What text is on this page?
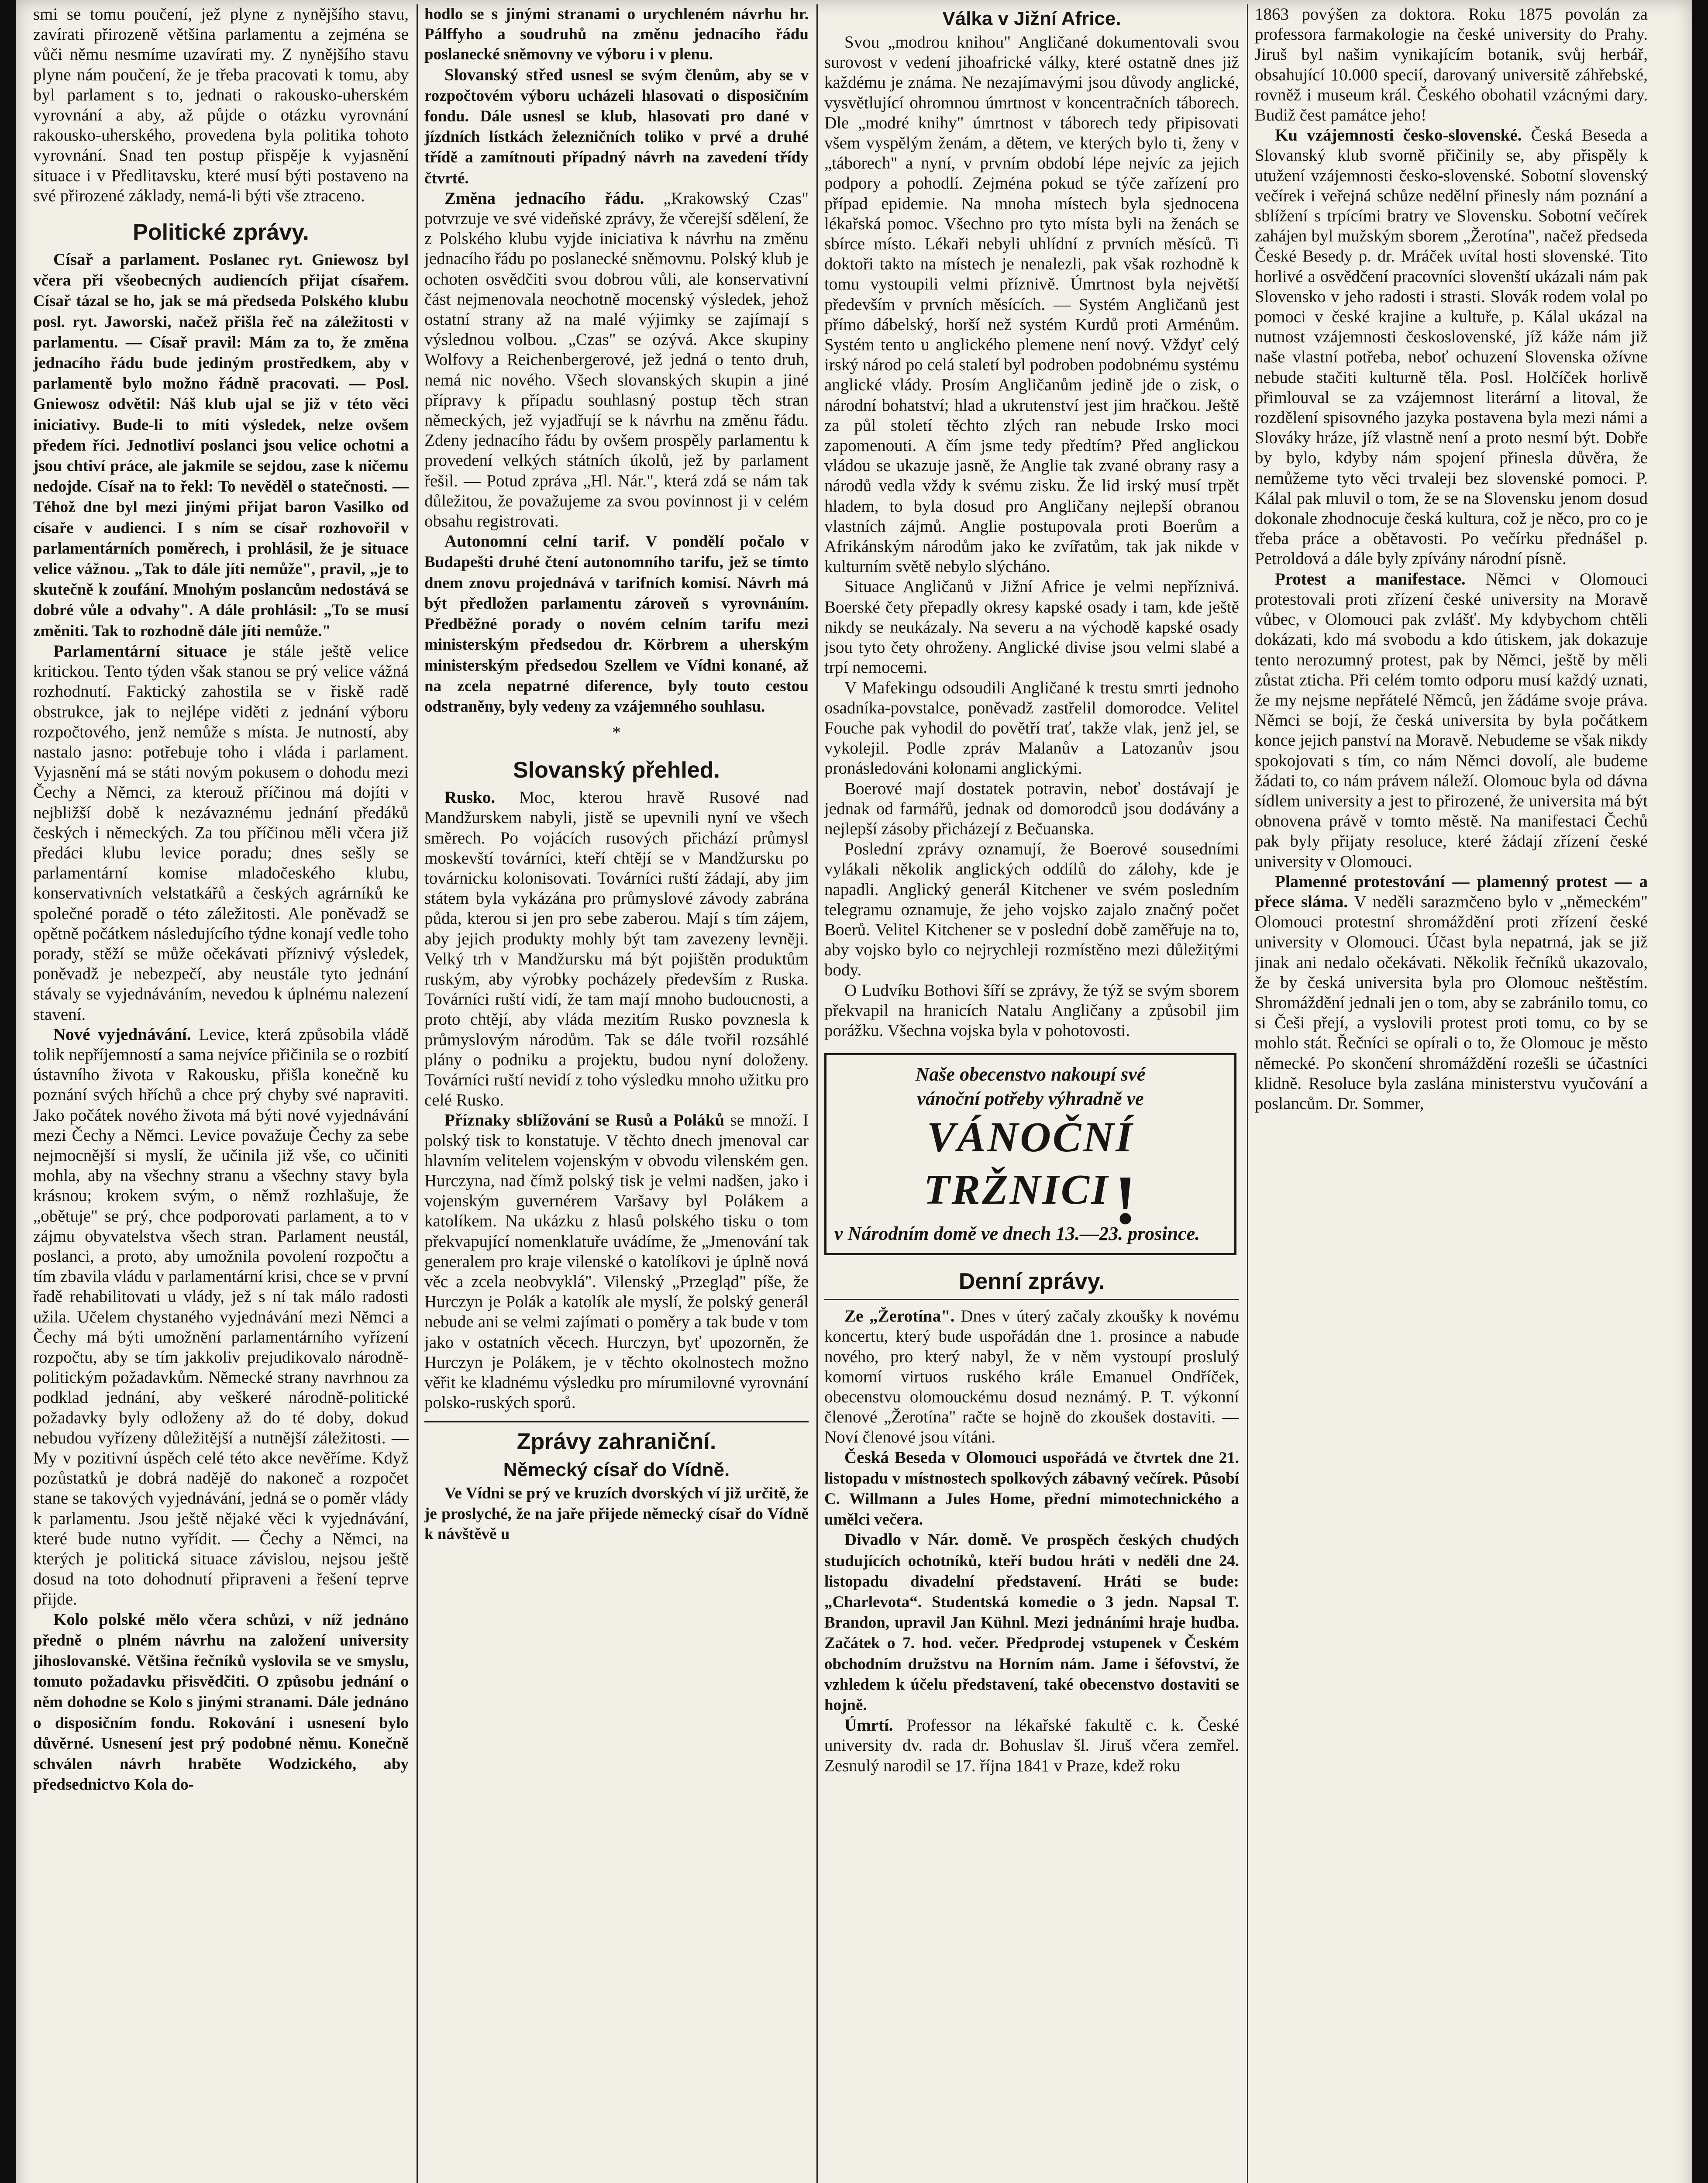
smi se tomu poučení, jež plyne z nynějšího stavu, zavírati přirozeně většina parlamentu a zejména se vůči němu nesmíme uzavírati my. Z nynějšího stavu plyne nám poučení, že je třeba pracovati k tomu, aby byl parlament s to, jednati o rakousko-uherském vyrovnání a aby, až půjde o otázku vyrovnání rakousko-uherského, provedena byla politika tohoto vyrovnání. Snad ten postup přispěje k vyjasnění situace i v Předlitavsku, které musí býti postaveno na své přirozené základy, nemá-li býti vše ztraceno.

Politické zprávy.

Císař a parlament. Poslanec ryt. Gniewosz byl včera při všeobecných audiencích přijat císařem. Císař tázal se ho, jak se má předseda Polského klubu posl. ryt. Jaworski, načež přišla řeč na záležitosti v parlamentu. — Císař pravil: Mám za to, že změna jednacího řádu bude jediným prostředkem, aby v parlamentě bylo možno řádně pracovati. — Posl. Gniewosz odvětil: Náš klub ujal se již v této věci iniciativy. Bude-li to míti výsledek, nelze ovšem předem říci. Jednotliví poslanci jsou velice ochotni a jsou chtiví práce, ale jakmile se sejdou, zase k ničemu nedojde. Císař na to řekl: To nevěděl o statečnosti. — Téhož dne byl mezi jinými přijat baron Vasilko od císaře v audienci. I s ním se císař rozhovořil v parlamentárních poměrech, i prohlásil, že je situace velice vážnou. „Tak to dále jíti nemůže", pravil, „je to skutečně k zoufání. Mnohým poslancům nedostává se dobré vůle a odvahy". A dále prohlásil: „To se musí změniti. Tak to rozhodně dále jíti nemůže."

Parlamentární situace je stále ještě velice kritickou. Tento týden však stanou se prý velice vážná rozhodnutí. Faktický zahostila se v řiskě radě obstrukce, jak to nejlépe viděti z jednání výboru rozpočtového, jenž nemůže s místa. Je nutností, aby nastalo jasno: potřebuje toho i vláda i parlament. Vyjasnění má se státi novým pokusem o dohodu mezi Čechy a Němci, za kterouž příčinou má dojíti v nejbližší době k nezávaznému jednání předáků českých i německých. Za tou příčinou měli včera již předáci klubu levice poradu; dnes sešly se parlamentární komise mladočeského klubu, konservativních velstatkářů a českých agrárníků ke společné poradě o této záležitosti. Ale poněvadž se opětně počátkem následujícího týdne konají vedle toho porady, stěží se může očekávati příznivý výsledek, poněvadž je nebezpečí, aby neustále tyto jednání stávaly se vyjednáváním, nevedou k úplnému nalezení stavení.

Nové vyjednávání. Levice, která způsobila vládě tolik nepříjemností a sama nejvíce přičinila se o rozbití ústavního života v Rakousku, přišla konečně ku poznání svých hříchů a chce prý chyby své napraviti. Jako počátek nového života má býti nové vyjednávání mezi Čechy a Němci. Levice považuje Čechy za sebe nejmocnější si myslí, že učinila již vše, co učiniti mohla, aby na všechny stranu a všechny stavy byla krásnou; krokem svým, o němž rozhlašuje, že „obětuje" se prý, chce podporovati parlament, a to v zájmu obyvatelstva všech stran. Parlament neustál, poslanci, a proto, aby umožnila povolení rozpočtu a tím zbavila vládu v parlamentární krisi, chce se v první řadě rehabilitovati u vlády, jež s ní tak málo radosti užila. Učelem chystaného vyjednávání mezi Němci a Čechy má býti umožnění parlamentárního vyřízení rozpočtu, aby se tím jakkoliv prejudikovalo národně-politickým požadavkům. Německé strany navrhnou za podklad jednání, aby veškeré národně-politické požadavky byly odloženy až do té doby, dokud nebudou vyřízeny důležitější a nutnější záležitosti. — My v pozitivní úspěch celé této akce nevěříme. Když pozůstatků je dobrá nadějě do nakoneč a rozpočet stane se takových vyjednávání, jedná se o poměr vlády k parlamentu. Jsou ještě nějaké věci k vyjednávání, které bude nutno vyřídit. — Čechy a Němci, na kterých je politická situace závislou, nejsou ještě dosud na toto dohodnutí připraveni a řešení teprve přijde.

Kolo polské mělo včera schůzi, v níž jednáno předně o plném návrhu na založení university jihoslovanské. Většina řečníků vyslovila se ve smyslu, tomuto požadavku přisvědčiti. O způsobu jednání o něm dohodne se Kolo s jinými stranami. Dále jednáno o disposičním fondu. Rokování i usnesení bylo důvěrné. Usnesení jest prý podobné němu. Konečně schválen návrh hraběte Wodzického, aby předsednictvo Kola do-

hodlo se s jinými stranami o urychleném návrhu hr. Pálffyho a soudruhů na změnu jednacího řádu poslanecké sněmovny ve výboru i v plenu.

Slovanský střed usnesl se svým členům, aby se v rozpočtovém výboru ucházeli hlasovati o disposičním fondu. Dále usnesl se klub, hlasovati pro dané v jízdních lístkách železničních toliko v prvé a druhé třídě a zamítnouti případný návrh na zavedení třídy čtvrté.

Změna jednacího řádu. „Krakowský Czas" potvrzuje ve své videňské zprávy, že včerejší sdělení, že z Polského klubu vyjde iniciativa k návrhu na změnu jednacího řádu po poslanecké sněmovnu. Polský klub je ochoten osvědčiti svou dobrou vůli, ale konservativní část nejmenovala neochotně mocenský výsledek, jehož ostatní strany až na malé výjimky se zajímají s výslednou volbou. „Czas" se ozývá. Akce skupiny Wolfovy a Reichenbergerové, jež jedná o tento druh, nemá nic nového. Všech slovanských skupin a jiné přípravy k případu souhlasný postup těch stran německých, jež vyjadřují se k návrhu na změnu řádu. Zdeny jednacího řádu by ovšem prospěly parlamentu k provedení velkých státních úkolů, jež by parlament řešil. — Potud zpráva „Hl. Nár.", která zdá se nám tak důležitou, že považujeme za svou povinnost ji v celém obsahu registrovati.

Autonomní celní tarif. V pondělí počalo v Budapešti druhé čtení autonomního tarifu, jež se tímto dnem znovu projednává v tarifních komisí. Návrh má být předložen parlamentu zároveň s vyrovnáním. Předběžné porady o novém celním tarifu mezi ministerským předsedou dr. Körbrem a uherským ministerským předsedou Szellem ve Vídni konané, až na zcela nepatrné diference, byly touto cestou odstraněny, byly vedeny za vzájemného souhlasu.

*
Slovanský přehled.

Rusko. Moc, kterou hravě Rusové nad Mandžurskem nabyli, jistě se upevnili nyní ve všech směrech. Po vojácích rusových přichází průmysl moskevští továrníci, kteří chtějí se v Mandžursku po továrnicku kolonisovati. Továrníci ruští žádají, aby jim státem byla vykázána pro průmyslové závody zabrána půda, kterou si jen pro sebe zaberou. Mají s tím zájem, aby jejich produkty mohly být tam zavezeny levněji. Velký trh v Mandžursku má být pojištěn produktům ruským, aby výrobky pocházely především z Ruska. Továrníci ruští vidí, že tam mají mnoho budoucnosti, a proto chtějí, aby vláda mezitím Rusko povznesla k průmyslovým národům. Tak se dále tvořil rozsáhlé plány o podniku a projektu, budou nyní doloženy. Továrníci ruští nevidí z toho výsledku mnoho užitku pro celé Rusko.

Příznaky sblížování se Rusů a Poláků se množí. I polský tisk to konstatuje. V těchto dnech jmenoval car hlavním velitelem vojenským v obvodu vilenském gen. Hurczyna, nad čímž polský tisk je velmi nadšen, jako i vojenským guvernérem Varšavy byl Polákem a katolíkem. Na ukázku z hlasů polského tisku o tom překvapující nomenklatuře uvádíme, že „Jmenování tak generalem pro kraje vilenské o katolíkovi je úplně nová věc a zcela neobvyklá". Vilenský „Przegląd" píše, že Hurczyn je Polák a katolík ale myslí, že polský generál nebude ani se velmi zajímati o poměry a tak bude v tom jako v ostatních věcech. Hurczyn, byť upozorněn, že Hurczyn je Polákem, je v těchto okolnostech možno věřit ke kladnému výsledku pro mírumilovné vyrovnání polsko-ruských sporů.

Zprávy zahraniční.
Německý císař do Vídně.

Ve Vídni se prý ve kruzích dvorských ví již určitě, že je proslyché, že na jaře přijede německý císař do Vídně k návštěvě u

Válka v Jižní Africe.

Svou „modrou knihou" Angličané dokumentovali svou surovost v vedení jihoafrické války, které ostatně dnes již každému je známa. Ne nezajímavými jsou důvody anglické, vysvětlující ohromnou úmrtnost v koncentračních táborech. Dle „modré knihy" úmrtnost v táborech tedy připisovati všem vyspělým ženám, a dětem, ve kterých bylo ti, ženy v „táborech" a nyní, v prvním období lépe nejvíc za jejich podpory a pohodlí. Zejména pokud se týče zařízení pro případ epidemie. Na mnoha místech byla sjednocena lékařská pomoc. Všechno pro tyto místa byli na ženách se sbírce místo. Lékaři nebyli uhlídní z prvních měsíců. Ti doktoři takto na místech je nenalezli, pak však rozhodně k tomu vystoupili velmi příznivě. Úmrtnost byla největší především v prvních měsících. — Systém Angličanů jest přímo dábelský, horší než systém Kurdů proti Arménům. Systém tento u anglického plemene není nový. Vždyť celý irský národ po celá staletí byl podroben podobnému systému anglické vlády. Prosím Angličanům jedině jde o zisk, o národní bohatství; hlad a ukrutenství jest jim hračkou. Ještě za půl století těchto zlých ran nebude Irsko moci zapomenouti. A čím jsme tedy předtím? Před anglickou vládou se ukazuje jasně, že Anglie tak zvané obrany rasy a národů vedla vždy k svému zisku. Že lid irský musí trpět hladem, to byla dosud pro Angličany nejlepší obranou vlastních zájmů. Anglie postupovala proti Boerům a Afrikánským národům jako ke zvířatům, tak jak nikde v kulturním světě nebylo slýcháno.

Situace Angličanů v Jižní Africe je velmi nepříznivá. Boerské čety přepadly okresy kapské osady i tam, kde ještě nikdy se neukázaly. Na severu a na východě kapské osady jsou tyto čety ohroženy. Anglické divise jsou velmi slabé a trpí nemocemi.

V Mafekingu odsoudili Angličané k trestu smrti jednoho osadníka-povstalce, poněvadž zastřelil domorodce. Velitel Fouche pak vyhodil do povětří trať, takže vlak, jenž jel, se vykolejil. Podle zpráv Malanův a Latozanův jsou pronásledováni kolonami anglickými.

Boerové mají dostatek potravin, neboť dostávají je jednak od farmářů, jednak od domorodců jsou dodávány a nejlepší zásoby přicházejí z Bečuanska.

Poslední zprávy oznamují, že Boerové sousedními vylákali několik anglických oddílů do zálohy, kde je napadli. Anglický generál Kitchener ve svém posledním telegramu oznamuje, že jeho vojsko zajalo značný počet Boerů. Velitel Kitchener se v poslední době zaměřuje na to, aby vojsko bylo co nejrychleji rozmístěno mezi důležitými body.

O Ludvíku Bothovi šíří se zprávy, že týž se svým sborem překvapil na hranicích Natalu Angličany a způsobil jim porážku. Všechna vojska byla v pohotovosti.

Naše obecenstvo nakoupí své
vánoční potřeby výhradně ve
VÁNOČNÍ TRŽNICI !
v Národním domě ve dnech 13.—23. prosince.
Denní zprávy.

Ze „Žerotína". Dnes v úterý začaly zkoušky k novému koncertu, který bude uspořádán dne 1. prosince a nabude nového, pro který nabyl, že v něm vystoupí proslulý komorní virtuos ruského krále Emanuel Ondříček, obecenstvu olomouckému dosud neznámý. P. T. výkonní členové „Žerotína" račte se hojně do zkoušek dostaviti. — Noví členové jsou vítáni.

Česká Beseda v Olomouci uspořádá ve čtvrtek dne 21. listopadu v místnostech spolkových zábavný večírek. Působí C. Willmann a Jules Home, přední mimotechnického a umělci večera.

Divadlo v Nár. domě. Ve prospěch českých chudých studujících ochotníků, kteří budou hráti v neděli dne 24. listopadu divadelní představení. Hráti se bude: „Charlevota“. Studentská komedie o 3 jedn. Napsal T. Brandon, upravil Jan Kühnl. Mezi jednáními hraje hudba. Začátek o 7. hod. večer. Předprodej vstupenek v Českém obchodním družstvu na Horním nám. Jame i šéfovství, že vzhledem k účelu představení, také obecenstvo dostaviti se hojně.

Úmrtí. Professor na lékařské fakultě c. k. České university dv. rada dr. Bohuslav šl. Jiruš včera zemřel. Zesnulý narodil se 17. října 1841 v Praze, kdež roku

1863 povýšen za doktora. Roku 1875 povolán za professora farmakologie na české university do Prahy. Jiruš byl našim vynikajícím botanik, svůj herbář, obsahující 10.000 specií, darovaný universitě záhřebské, rovněž i museum král. Českého obohatil vzácnými dary. Budiž čest památce jeho!

Ku vzájemnosti česko-slovenské. Česká Beseda a Slovanský klub svorně přičinily se, aby přispěly k utužení vzájemnosti česko-slovenské. Sobotní slovenský večírek i veřejná schůze nedělní přinesly nám poznání a sblížení s trpícími bratry ve Slovensku. Sobotní večírek zahájen byl mužským sborem „Žerotína", načež předseda České Besedy p. dr. Mráček uvítal hosti slovenské. Tito horlivé a osvědčení pracovníci slovenští ukázali nám pak Slovensko v jeho radosti i strasti. Slovák rodem volal po pomoci v české krajine a kultuře, p. Kálal ukázal na nutnost vzájemnosti československé, jíž káže nám již naše vlastní potřeba, neboť ochuzení Slovenska ožívne nebude stačiti kulturně těla. Posl. Holčíček horlivě přimlouval se za vzájemnost literární a litoval, že rozdělení spisovného jazyka postavena byla mezi námi a Slováky hráze, jíž vlastně není a proto nesmí být. Dobře by bylo, kdyby nám spojení přinesla důvěra, že nemůžeme tyto věci trvaleji bez slovenské pomoci. P. Kálal pak mluvil o tom, že se na Slovensku jenom dosud dokonale zhodnocuje česká kultura, což je něco, pro co je třeba práce a obětavosti. Po večírku přednášel p. Petroldová a dále byly zpívány národní písně.

Protest a manifestace. Němci v Olomouci protestovali proti zřízení české university na Moravě vůbec, v Olomouci pak zvlášť. My kdybychom chtěli dokázati, kdo má svobodu a kdo útiskem, jak dokazuje tento nerozumný protest, pak by Němci, ještě by měli zůstat zticha. Při celém tomto odporu musí každý uznati, že my nejsme nepřátelé Němců, jen žádáme svoje práva. Němci se bojí, že česká universita by byla počátkem konce jejich panství na Moravě. Nebudeme se však nikdy spokojovati s tím, co nám Němci dovolí, ale budeme žádati to, co nám právem náleží. Olomouc byla od dávna sídlem university a jest to přirozené, že universita má být obnovena právě v tomto městě. Na manifestaci Čechů pak byly přijaty resoluce, které žádají zřízení české university v Olomouci.

Plamenné protestování — plamenný protest — a přece sláma. V neděli sarazmčeno bylo v „německém" Olomouci protestní shromáždění proti zřízení české university v Olomouci. Účast byla nepatrná, jak se již jinak ani nedalo očekávati. Několik řečníků ukazovalo, že by česká universita byla pro Olomouc neštěstím. Shromáždění jednali jen o tom, aby se zabránilo tomu, co si Češi přejí, a vyslovili protest proti tomu, co by se mohlo stát. Řečníci se opírali o to, že Olomouc je město německé. Po skončení shromáždění rozešli se účastníci klidně. Resoluce byla zaslána ministerstvu vyučování a poslancům. Dr. Sommer,
